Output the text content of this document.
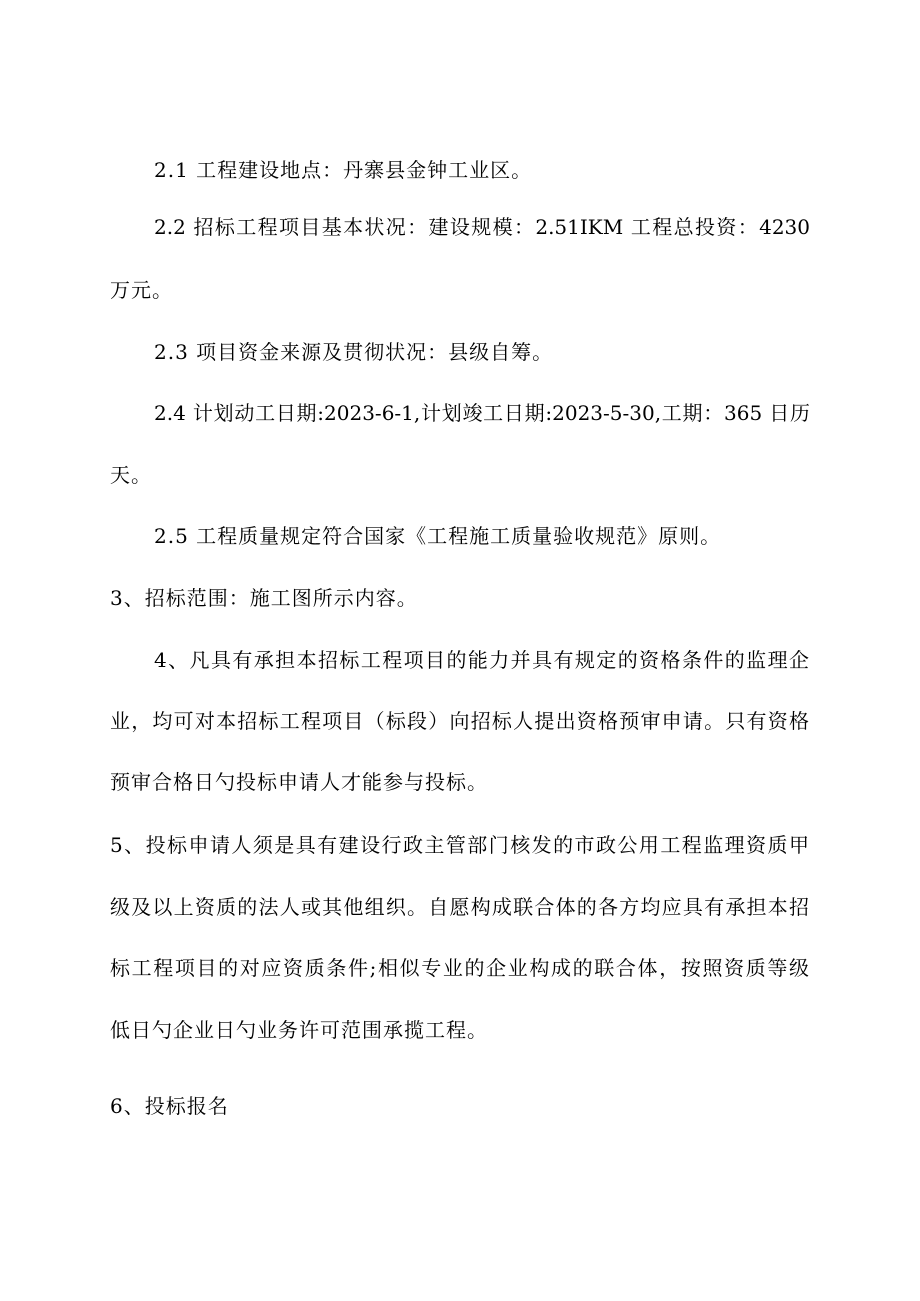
2.1 工程建设地点：丹寨县金钟工业区。
2.2 招标工程项目基本状况：建设规模：2.51IKM 工程总投资：4230
万元。
2.3 项目资金来源及贯彻状况：县级自筹。
2.4 计划动工日期:2023-6-1,计划竣工日期:2023-5-30,工期：365 日历
天。
2.5 工程质量规定符合国家《工程施工质量验收规范》原则。
3、招标范围：施工图所示内容。
4、凡具有承担本招标工程项目的能力并具有规定的资格条件的监理企
业，均可对本招标工程项目（标段）向招标人提出资格预审申请。只有资格
预审合格日勺投标申请人才能参与投标。
5、投标申请人须是具有建设行政主管部门核发的市政公用工程监理资质甲
级及以上资质的法人或其他组织。自愿构成联合体的各方均应具有承担本招
标工程项目的对应资质条件;相似专业的企业构成的联合体，按照资质等级
低日勺企业日勺业务许可范围承揽工程。
6、投标报名
